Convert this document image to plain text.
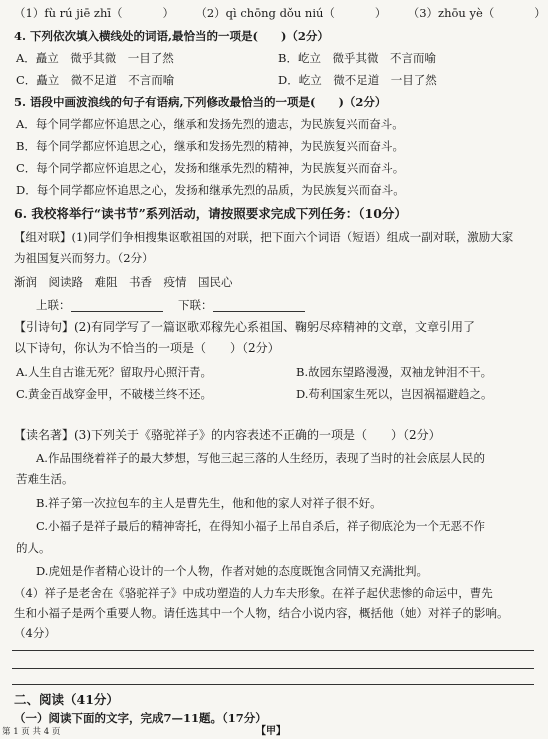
（1）fù rú jiē zhī（	） （2）qì chōng dǒu niú（	） （3）zhōu yè（	）
4. 下列依次填入横线处的词语,最恰当的一项是(　　)（2分）
A．矗立　微乎其微　一目了然	B．屹立　微乎其微　不言而喻
C．矗立　微不足道　不言而喻	D．屹立　微不足道　一目了然
5. 语段中画波浪线的句子有语病,下列修改最恰当的一项是(　　)（2分）
A．每个同学都应怀追思之心，继承和发扬先烈的遗志，为民族复兴而奋斗。
B．每个同学都应怀追思之心，继承和发扬先烈的精神，为民族复兴而奋斗。
C．每个同学都应怀追思之心，发扬和继承先烈的精神，为民族复兴而奋斗。
D．每个同学都应怀追思之心，发扬和继承先烈的品质，为民族复兴而奋斗。
6. 我校将举行“读书节”系列活动，请按照要求完成下列任务：（10分）
【组对联】(1)同学们争相搜集讴歌祖国的对联，把下面六个词语（短语）组成一副对联，激励大家
为祖国复兴而努力。（2分）
渐润　阅读路　难阻　书香　疫情　国民心
上联：	下联：
【引诗句】(2)有同学写了一篇讴歌邓稼先心系祖国、鞠躬尽瘁精神的文章，文章引用了
以下诗句，你认为不恰当的一项是（　　）（2分）
A.人生自古谁无死？留取丹心照汗青。	B.故园东望路漫漫，双袖龙钟泪不干。
C.黄金百战穿金甲，不破楼兰终不还。	D.苟利国家生死以，岂因祸福避趋之。
【读名著】(3)下列关于《骆驼祥子》的内容表述不正确的一项是（　　）（2分）
A.作品围绕着祥子的最大梦想，写他三起三落的人生经历，表现了当时的社会底层人民的
苦难生活。
B.祥子第一次拉包车的主人是曹先生，他和他的家人对祥子很不好。
C.小福子是祥子最后的精神寄托，在得知小福子上吊自杀后，祥子彻底沦为一个无恶不作
的人。
D.虎妞是作者精心设计的一个人物，作者对她的态度既饱含同情又充满批判。
（4）祥子是老舍在《骆驼祥子》中成功塑造的人力车夫形象。在祥子起伏悲惨的命运中，曹先
生和小福子是两个重要人物。请任选其中一个人物，结合小说内容，概括他（她）对祥子的影响。
（4分）
二、阅读（41分）
（一）阅读下面的文字，完成7—11题。（17分）
【甲】
第 1 页 共 4 页
